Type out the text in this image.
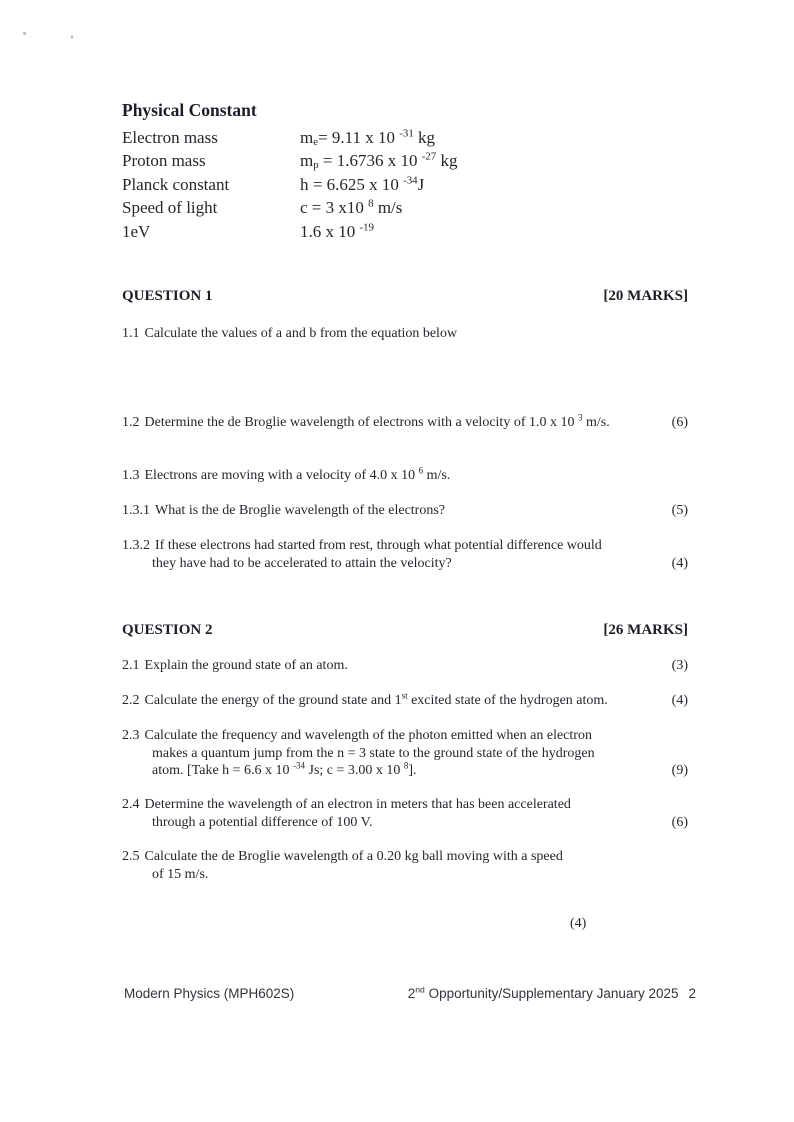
Physical Constant
Electron mass	me= 9.11 x 10 $^{-31}$ kg
Proton mass	mp = 1.6736 x 10 $^{-27}$ kg
Planck constant	h = 6.625 x 10 $^{-34}$J
Speed of light	c = 3 x10 $^8$ m/s
1eV	1.6 x 10 $^{-19}$
QUESTION 1	[20 MARKS]
1.1 Calculate the values of a and b from the equation below
1.2 Determine the de Broglie wavelength of electrons with a velocity of 1.0 x 10 $^3$ m/s.	(6)
1.3 Electrons are moving with a velocity of 4.0 x 10 $^6$ m/s.
1.3.1 What is the de Broglie wavelength of the electrons?	(5)
1.3.2 If these electrons had started from rest, through what potential difference would
they have had to be accelerated to attain the velocity?	(4)
QUESTION 2	[26 MARKS]
2.1 Explain the ground state of an atom.	(3)
2.2 Calculate the energy of the ground state and 1st excited state of the hydrogen atom.	(4)
2.3 Calculate the frequency and wavelength of the photon emitted when an electron
makes a quantum jump from the n = 3 state to the ground state of the hydrogen
atom. [Take h = 6.6 x 10 $^{-34}$ Js; c = 3.00 x 10 $^8$].	(9)
2.4 Determine the wavelength of an electron in meters that has been accelerated
through a potential difference of 100 V.	(6)
2.5 Calculate the de Broglie wavelength of a 0.20 kg ball moving with a speed
of 15 m/s.
(4)
Modern Physics (MPH602S)	2nd Opportunity/Supplementary January 2025 2
